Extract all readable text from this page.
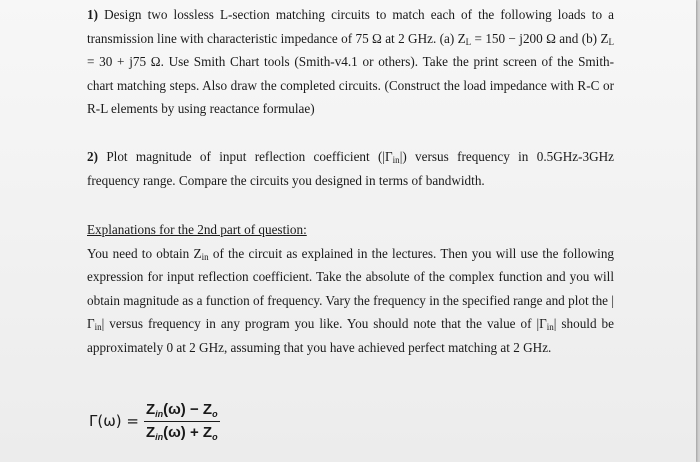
1) Design two lossless L-section matching circuits to match each of the following loads to a transmission line with characteristic impedance of 75 Ω at 2 GHz. (a) $Z_L = 150 - j200$ Ω and (b) $Z_L = 30 + j75$ Ω. Use Smith Chart tools (Smith-v4.1 or others). Take the print screen of the Smith-chart matching steps. Also draw the completed circuits. (Construct the load impedance with R-C or R-L elements by using reactance formulae)
2) Plot magnitude of input reflection coefficient $(|\Gamma_{in}|)$ versus frequency in 0.5GHz-3GHz frequency range. Compare the circuits you designed in terms of bandwidth.
Explanations for the 2nd part of question:
You need to obtain $Z_{in}$ of the circuit as explained in the lectures. Then you will use the following expression for input reflection coefficient. Take the absolute of the complex function and you will obtain magnitude as a function of frequency. Vary the frequency in the specified range and plot the $|\Gamma_{in}|$ versus frequency in any program you like. You should note that the value of $|\Gamma_{in}|$ should be approximately 0 at 2 GHz, assuming that you have achieved perfect matching at 2 GHz.
$\Gamma(\omega) = \frac{Z_{in}(\omega) - Z_o}{Z_{in}(\omega) + Z_o}$
